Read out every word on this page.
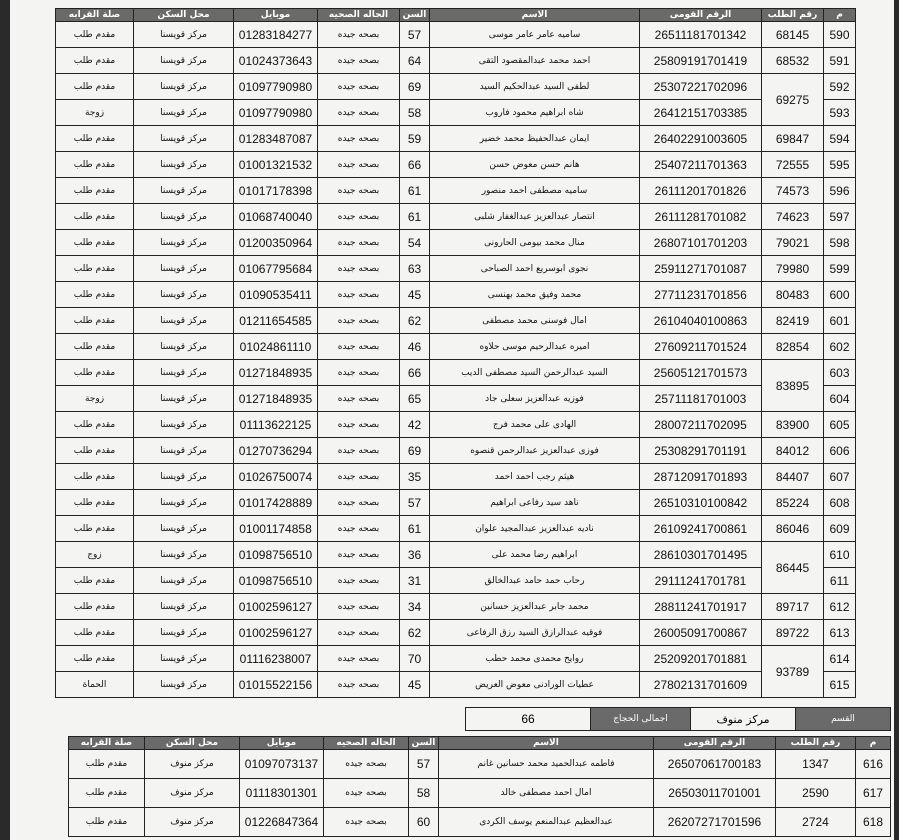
م	رقم الطلب	الرقم القومى	الاسم	السن	الحاله الصحيه	موبايل	محل السكن	صلة القرابه
590	68145	26511181701342	ساميه عامر عامر موسى	57	بصحه جيده	01283184277	مركز قويسنا	مقدم طلب
591	68532	25809191701419	احمد محمد عبدالمقصود التقى	64	بصحه جيده	01024373643	مركز قويسنا	مقدم طلب
592	69275	25307221702096	لطفى السيد عبدالحكيم السيد	69	بصحه جيده	01097790980	مركز قويسنا	مقدم طلب
593		26412151703385	شاه ابراهيم محمود فاروب	58	بصحه جيده	01097790980	مركز قويسنا	زوجة
594	69847	26402291003605	ايمان عبدالحفيظ محمد خضير	59	بصحه جيده	01283487087	مركز قويسنا	مقدم طلب
595	72555	25407211701363	هانم حسن معوض حسن	66	بصحه جيده	01001321532	مركز قويسنا	مقدم طلب
596	74573	26111201701826	ساميه مصطفى احمد منصور	61	بصحه جيده	01017178398	مركز قويسنا	مقدم طلب
597	74623	26111281701082	انتصار عبدالعزيز عبدالغفار شلبى	61	بصحه جيده	01068740040	مركز قويسنا	مقدم طلب
598	79021	26807101701203	منال محمد بيومى الحارونى	54	بصحه جيده	01200350964	مركز قويسنا	مقدم طلب
599	79980	25911271701087	نجوى ابوسريع احمد الصباحى	63	بصحه جيده	01067795684	مركز قويسنا	مقدم طلب
600	80483	27711231701856	محمد وفيق محمد بهنسى	45	بصحه جيده	01090535411	مركز قويسنا	مقدم طلب
601	82419	26104040100863	امال فوسنى محمد مصطفى	62	بصحه جيده	01211654585	مركز قويسنا	مقدم طلب
602	82854	27609211701524	اميره عبدالرحيم موسى حلاوه	46	بصحه جيده	01024861110	مركز قويسنا	مقدم طلب
603	83895	25605121701573	السيد عبدالرحمن السيد مصطفى الديب	66	بصحه جيده	01271848935	مركز قويسنا	مقدم طلب
604		25711181701003	فوزيه عبدالعزيز سعلى جاد	65	بصحه جيده	01271848935	مركز قويسنا	زوجة
605	83900	28007211702095	الهادى على محمد فرج	42	بصحه جيده	01113622125	مركز قويسنا	مقدم طلب
606	84012	25308291701191	فوزى عبدالعزيز عبدالرحمن قنصوه	69	بصحه جيده	01270736294	مركز قويسنا	مقدم طلب
607	84407	28712091701893	هيثم رجب احمد احمد	35	بصحه جيده	01026750074	مركز قويسنا	مقدم طلب
608	85224	26510310100842	ناهد سيد رفاعى ابراهيم	57	بصحه جيده	01017428889	مركز قويسنا	مقدم طلب
609	86046	26109241700861	ناديه عبدالعزيز عبدالمجيد علوان	61	بصحه جيده	01001174858	مركز قويسنا	مقدم طلب
610	86445	28610301701495	ابراهيم رضا محمد على	36	بصحه جيده	01098756510	مركز قويسنا	زوج
611		29111241701781	رحاب حمد حامد عبدالخالق	31	بصحه جيده	01098756510	مركز قويسنا	مقدم طلب
612	89717	28811241701917	محمد جابر عبدالعزيز حسانين	34	بصحه جيده	01002596127	مركز قويسنا	مقدم طلب
613	89722	26005091700867	فوقيه عبدالرازق السيد رزق الرفاعى	62	بصحه جيده	01002596127	مركز قويسنا	مقدم طلب
614	93789	25209201701881	روايح محمدى محمد حطب	70	بصحه جيده	01116238007	مركز قويسنا	مقدم طلب
615		27802131701609	عطيات الورادنى معوض العريض	45	بصحه جيده	01015522156	مركز قويسنا	الحماة
القسم	مركز منوف	اجمالى الحجاج	66
م	رقم الطلب	الرقم القومى	الاسم	السن	الحاله الصحيه	موبايل	محل السكن	صلة القرابه
616	1347	26507061700183	فاطمه عبدالحميد محمد حسانين غانم	57	بصحه جيده	01097073137	مركز منوف	مقدم طلب
617	2590	26503011701001	امال احمد مصطفى خالد	58	بصحه جيده	01118301301	مركز منوف	مقدم طلب
618	2724	26207271701596	عبدالعظيم عبدالمنعم يوسف الكردى	60	بصحه جيده	01226847364	مركز منوف	مقدم طلب
